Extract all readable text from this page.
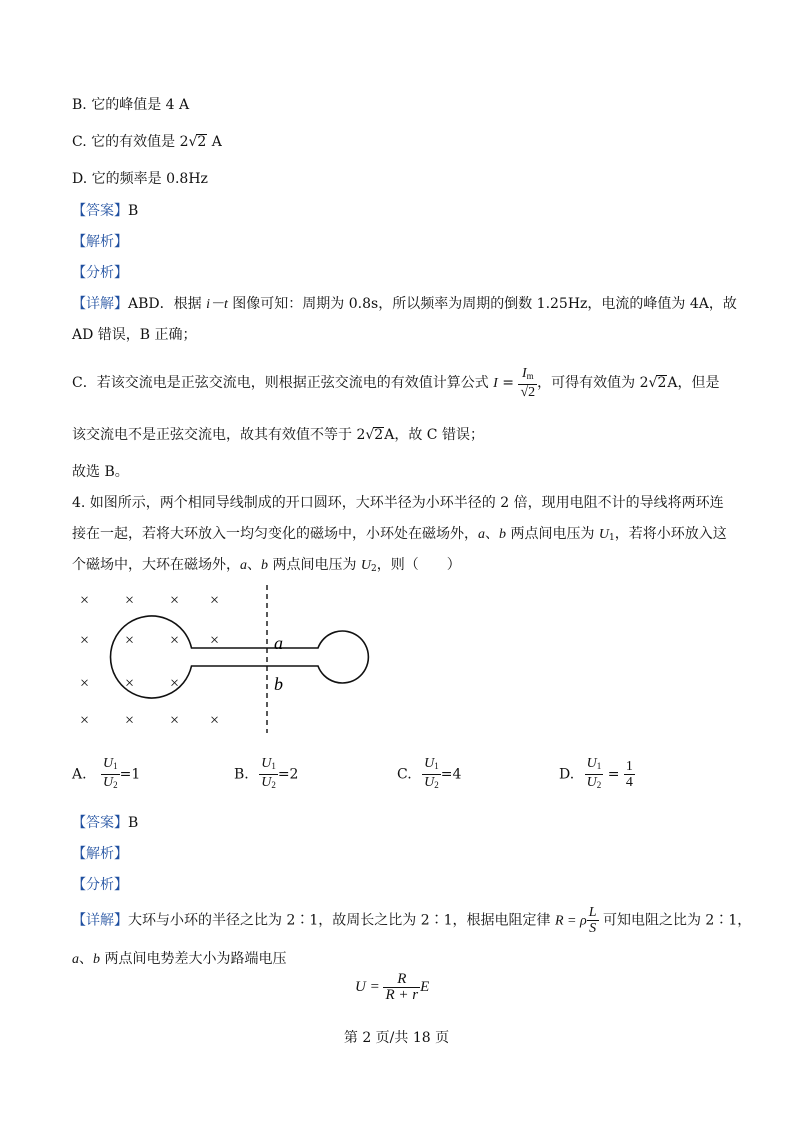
B. 它的峰值是 4 A
C. 它的有效值是 2√2 A
D. 它的频率是 0.8Hz
【答案】B
【解析】
【分析】
【详解】ABD．根据 i－t 图像可知：周期为 0.8s，所以频率为周期的倒数 1.25Hz，电流的峰值为 4A，故
AD 错误，B 正确；
C．若该交流电是正弦交流电，则根据正弦交流电的有效值计算公式 $I = \frac{I_m}{√2}$ ，可得有效值为 2√2A，但是
该交流电不是正弦交流电，故其有效值不等于 2√2A，故 C 错误；
故选 B。
4. 如图所示，两个相同导线制成的开口圆环，大环半径为小环半径的 2 倍，现用电阻不计的导线将两环连
接在一起，若将大环放入一均匀变化的磁场中，小环处在磁场外，a、b 两点间电压为 $U_1$，若将小环放入这
个磁场中，大环在磁场外，a、b 两点间电压为 $U_2$，则（　　）
× × × ×
× × × ×
× × ×
× × × ×
a
b
A. $\frac{U_1}{U_2} =1$	B. $\frac{U_1}{U_2} =2$	C. $\frac{U_1}{U_2} =4$	D. $\frac{U_1}{U_2} = \frac{1}{4}$
【答案】B
【解析】
【分析】
【详解】大环与小环的半径之比为 2∶1，故周长之比为 2∶1，根据电阻定律 R = ρ $\frac{L}{S}$ 可知电阻之比为 2∶1，
a、b 两点间电势差大小为路端电压
$U = \frac{R}{R + r}$ E
第 2 页/共 18 页
